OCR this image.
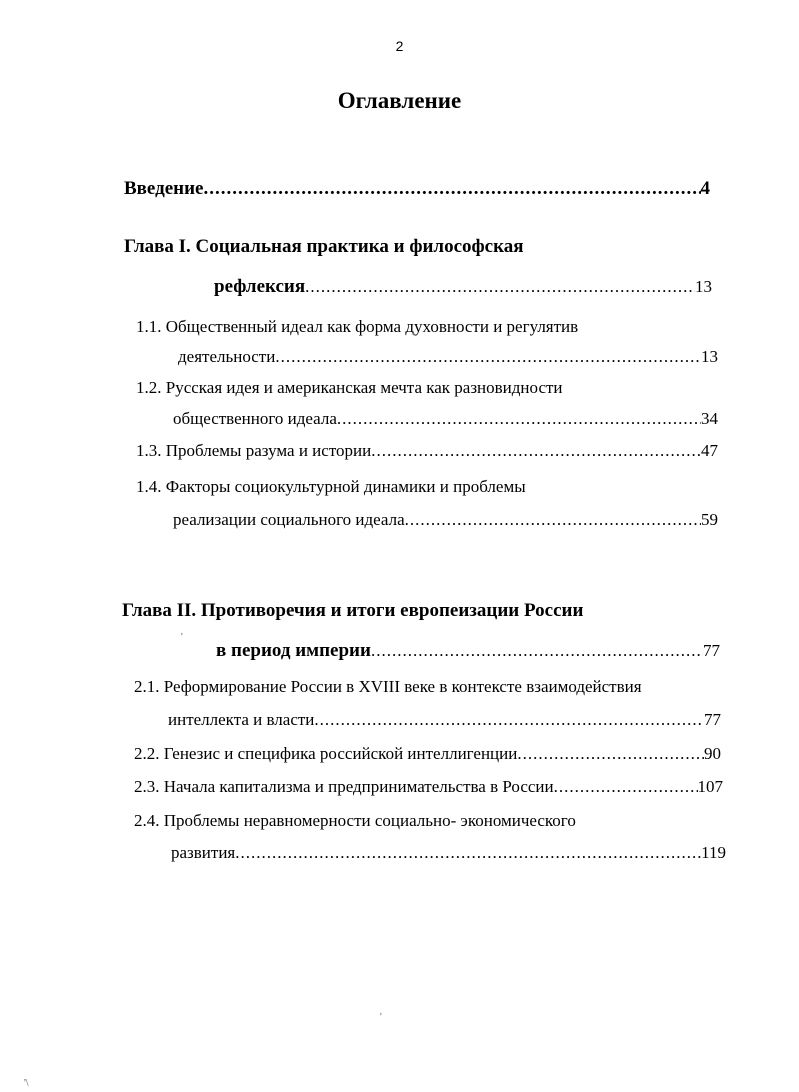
2
Оглавление
Введение .....	4
Глава I. Социальная практика и философская
рефлексия .....	13
1.1. Общественный идеал как форма духовности и регулятив
деятельности .....	13
1.2. Русская идея и американская мечта как разновидности
общественного идеала .....	34
1.3. Проблемы разума и истории .....	47
1.4. Факторы социокультурной динамики и проблемы
реализации социального идеала .....	59
Глава II. Противоречия и итоги европеизации России
'
в период империи .....	77
2.1. Реформирование России в XVIII веке в контексте взаимодействия
интеллекта и власти .....	77
2.2. Генезис и специфика российской интеллигенции .....	90
2.3. Начала капитализма и предпринимательства в России .....	107
2.4. Проблемы неравномерности социально- экономического
развития .....	119
'
'\
